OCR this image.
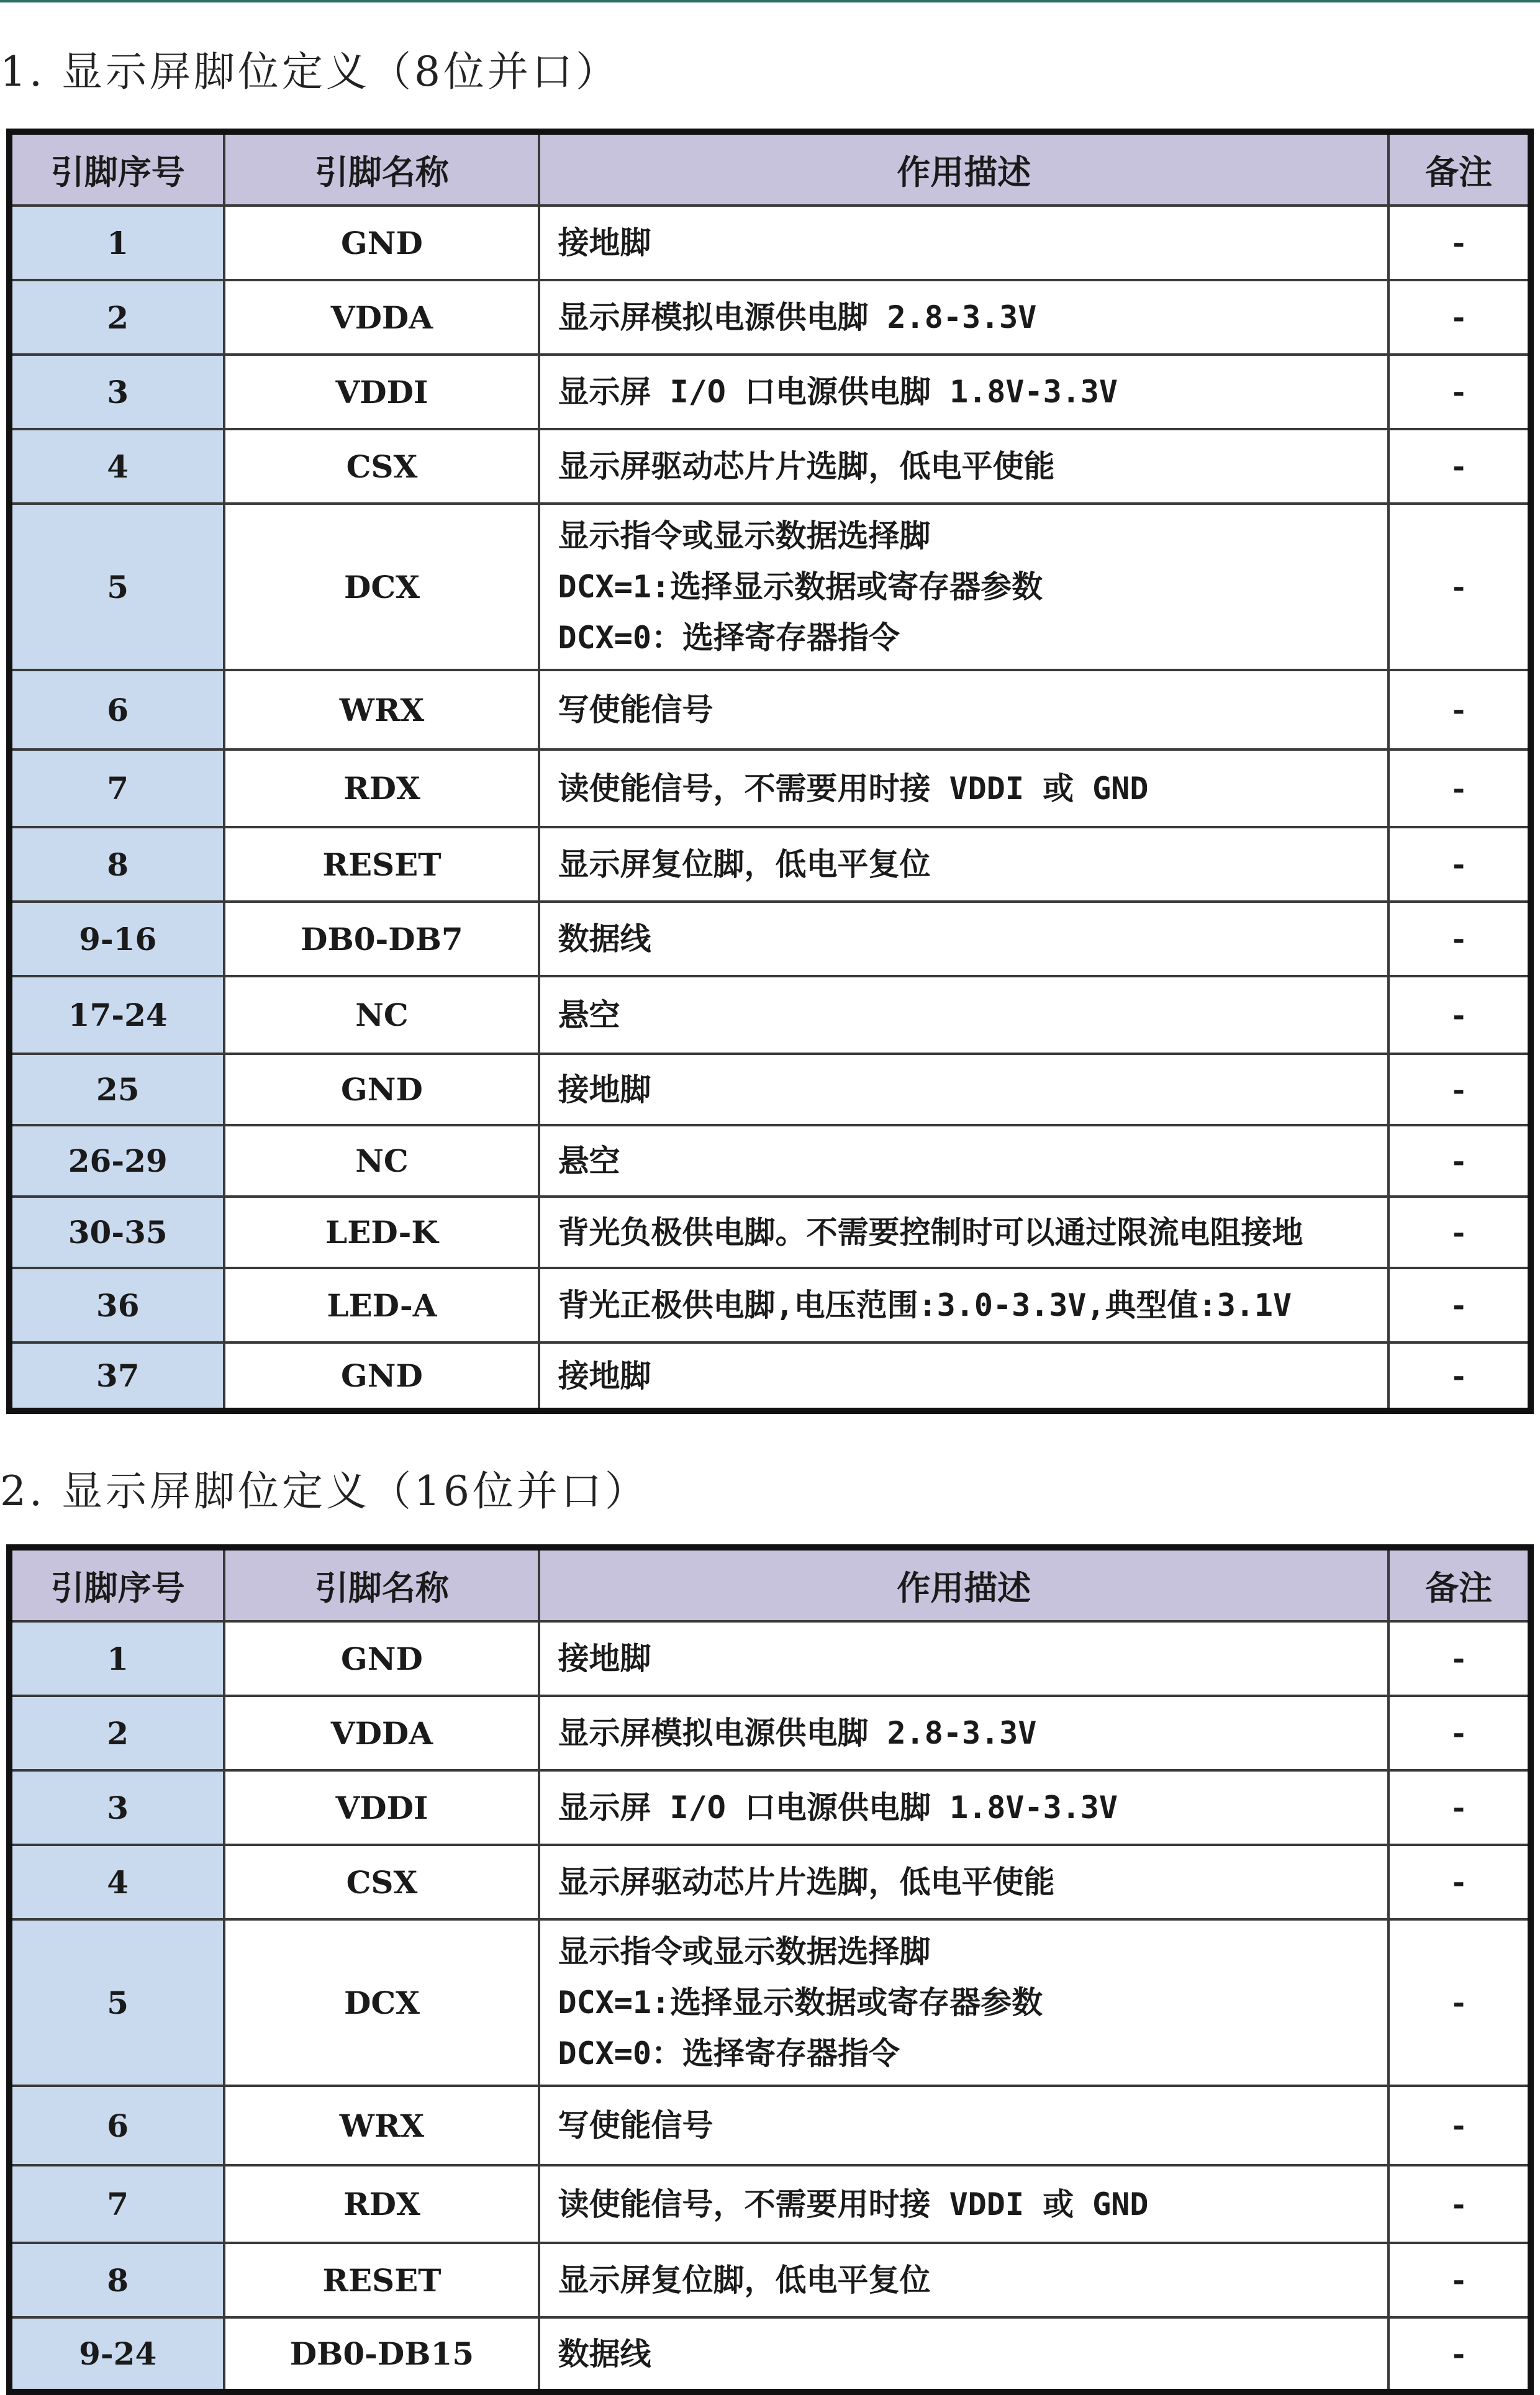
1. 显示屏脚位定义（8位并口）
引脚序号	引脚名称	作用描述	备注
1	GND	接地脚	-
2	VDDA	显示屏模拟电源供电脚 2.8-3.3V	-
3	VDDI	显示屏 I/O 口电源供电脚 1.8V-3.3V	-
4	CSX	显示屏驱动芯片片选脚，低电平使能	-
5	DCX	显示指令或显示数据选择脚
DCX=1:选择显示数据或寄存器参数
DCX=0：选择寄存器指令	-
6	WRX	写使能信号	-
7	RDX	读使能信号，不需要用时接 VDDI 或 GND	-
8	RESET	显示屏复位脚，低电平复位	-
9-16	DB0-DB7	数据线	-
17-24	NC	悬空	-
25	GND	接地脚	-
26-29	NC	悬空	-
30-35	LED-K	背光负极供电脚。不需要控制时可以通过限流电阻接地	-
36	LED-A	背光正极供电脚,电压范围:3.0-3.3V,典型值:3.1V	-
37	GND	接地脚	-
2. 显示屏脚位定义（16位并口）
引脚序号	引脚名称	作用描述	备注
1	GND	接地脚	-
2	VDDA	显示屏模拟电源供电脚 2.8-3.3V	-
3	VDDI	显示屏 I/O 口电源供电脚 1.8V-3.3V	-
4	CSX	显示屏驱动芯片片选脚，低电平使能	-
5	DCX	显示指令或显示数据选择脚
DCX=1:选择显示数据或寄存器参数
DCX=0：选择寄存器指令	-
6	WRX	写使能信号	-
7	RDX	读使能信号，不需要用时接 VDDI 或 GND	-
8	RESET	显示屏复位脚，低电平复位	-
9-24	DB0-DB15	数据线	-
